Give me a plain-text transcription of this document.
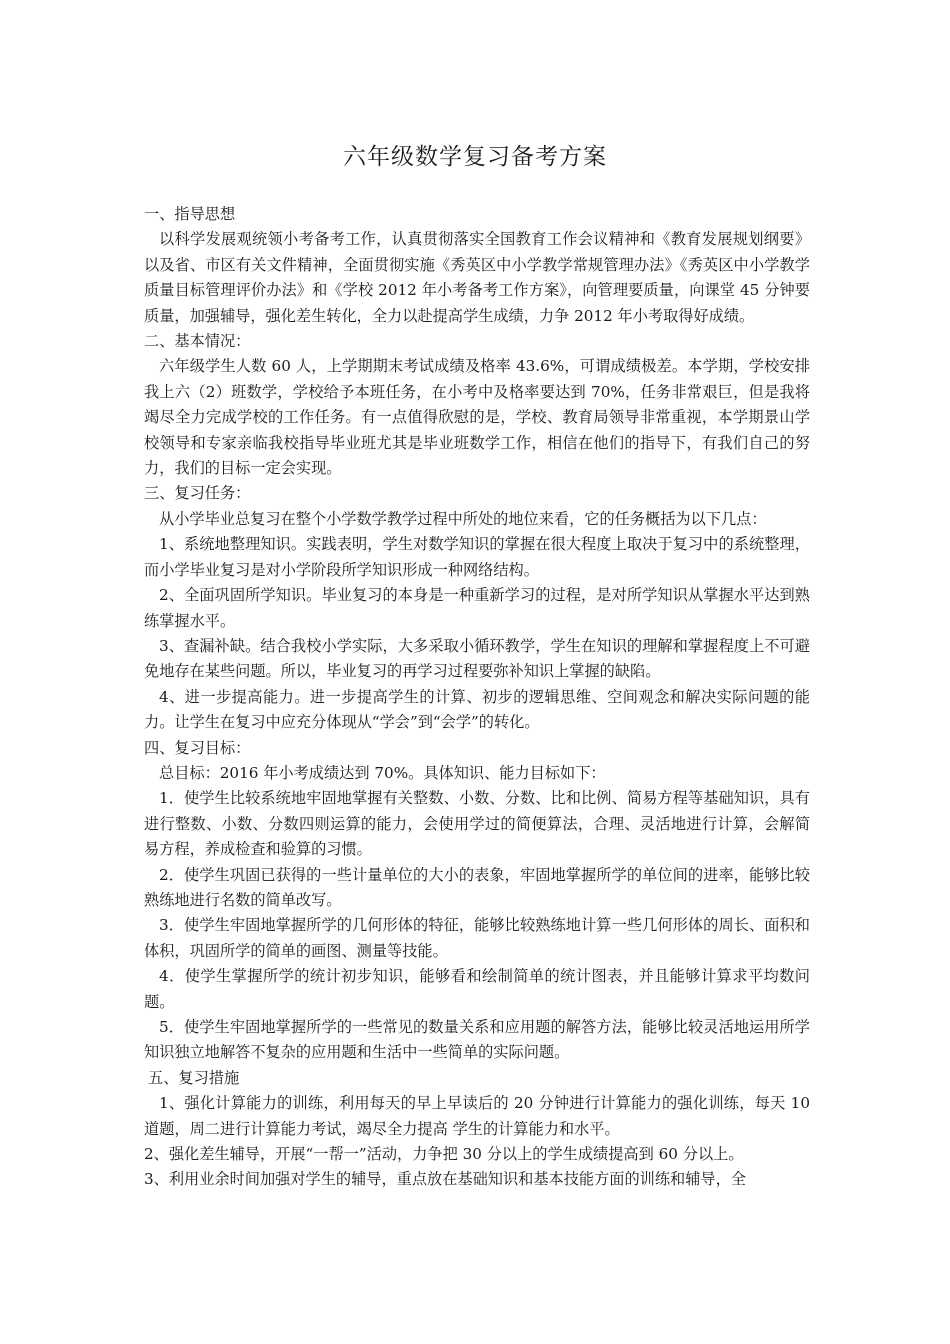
六年级数学复习备考方案

一、指导思想

以科学发展观统领小考备考工作，认真贯彻落实全国教育工作会议精神和《教育发展规划纲要》以及省、市区有关文件精神，全面贯彻实施《秀英区中小学教学常规管理办法》《秀英区中小学教学质量目标管理评价办法》和《学校 2012 年小考备考工作方案》，向管理要质量，向课堂 45 分钟要质量，加强辅导，强化差生转化，全力以赴提高学生成绩，力争 2012 年小考取得好成绩。

二、基本情况：

六年级学生人数 60 人，上学期期末考试成绩及格率 43.6%，可谓成绩极差。本学期，学校安排我上六（2）班数学，学校给予本班任务，在小考中及格率要达到 70%，任务非常艰巨，但是我将竭尽全力完成学校的工作任务。有一点值得欣慰的是，学校、教育局领导非常重视，本学期景山学校领导和专家亲临我校指导毕业班尤其是毕业班数学工作，相信在他们的指导下，有我们自己的努力，我们的目标一定会实现。

三、复习任务：

从小学毕业总复习在整个小学数学教学过程中所处的地位来看，它的任务概括为以下几点：

1、系统地整理知识。实践表明，学生对数学知识的掌握在很大程度上取决于复习中的系统整理，而小学毕业复习是对小学阶段所学知识形成一种网络结构。

2、全面巩固所学知识。毕业复习的本身是一种重新学习的过程，是对所学知识从掌握水平达到熟练掌握水平。

3、查漏补缺。结合我校小学实际，大多采取小循环教学，学生在知识的理解和掌握程度上不可避免地存在某些问题。所以，毕业复习的再学习过程要弥补知识上掌握的缺陷。

4、进一步提高能力。进一步提高学生的计算、初步的逻辑思维、空间观念和解决实际问题的能力。让学生在复习中应充分体现从“学会”到“会学”的转化。

四、复习目标：

总目标：2016 年小考成绩达到 70%。具体知识、能力目标如下：

1．使学生比较系统地牢固地掌握有关整数、小数、分数、比和比例、简易方程等基础知识，具有进行整数、小数、分数四则运算的能力，会使用学过的简便算法，合理、灵活地进行计算，会解简易方程，养成检查和验算的习惯。

2．使学生巩固已获得的一些计量单位的大小的表象，牢固地掌握所学的单位间的进率，能够比较熟练地进行名数的简单改写。

3．使学生牢固地掌握所学的几何形体的特征，能够比较熟练地计算一些几何形体的周长、面积和体积，巩固所学的简单的画图、测量等技能。

4．使学生掌握所学的统计初步知识，能够看和绘制简单的统计图表，并且能够计算求平均数问题。

5．使学生牢固地掌握所学的一些常见的数量关系和应用题的解答方法，能够比较灵活地运用所学知识独立地解答不复杂的应用题和生活中一些简单的实际问题。

五、复习措施

1、强化计算能力的训练，利用每天的早上早读后的 20 分钟进行计算能力的强化训练，每天 10 道题，周二进行计算能力考试，竭尽全力提高 学生的计算能力和水平。

2、强化差生辅导，开展“一帮一”活动，力争把 30 分以上的学生成绩提高到 60 分以上。

3、利用业余时间加强对学生的辅导，重点放在基础知识和基本技能方面的训练和辅导，全
